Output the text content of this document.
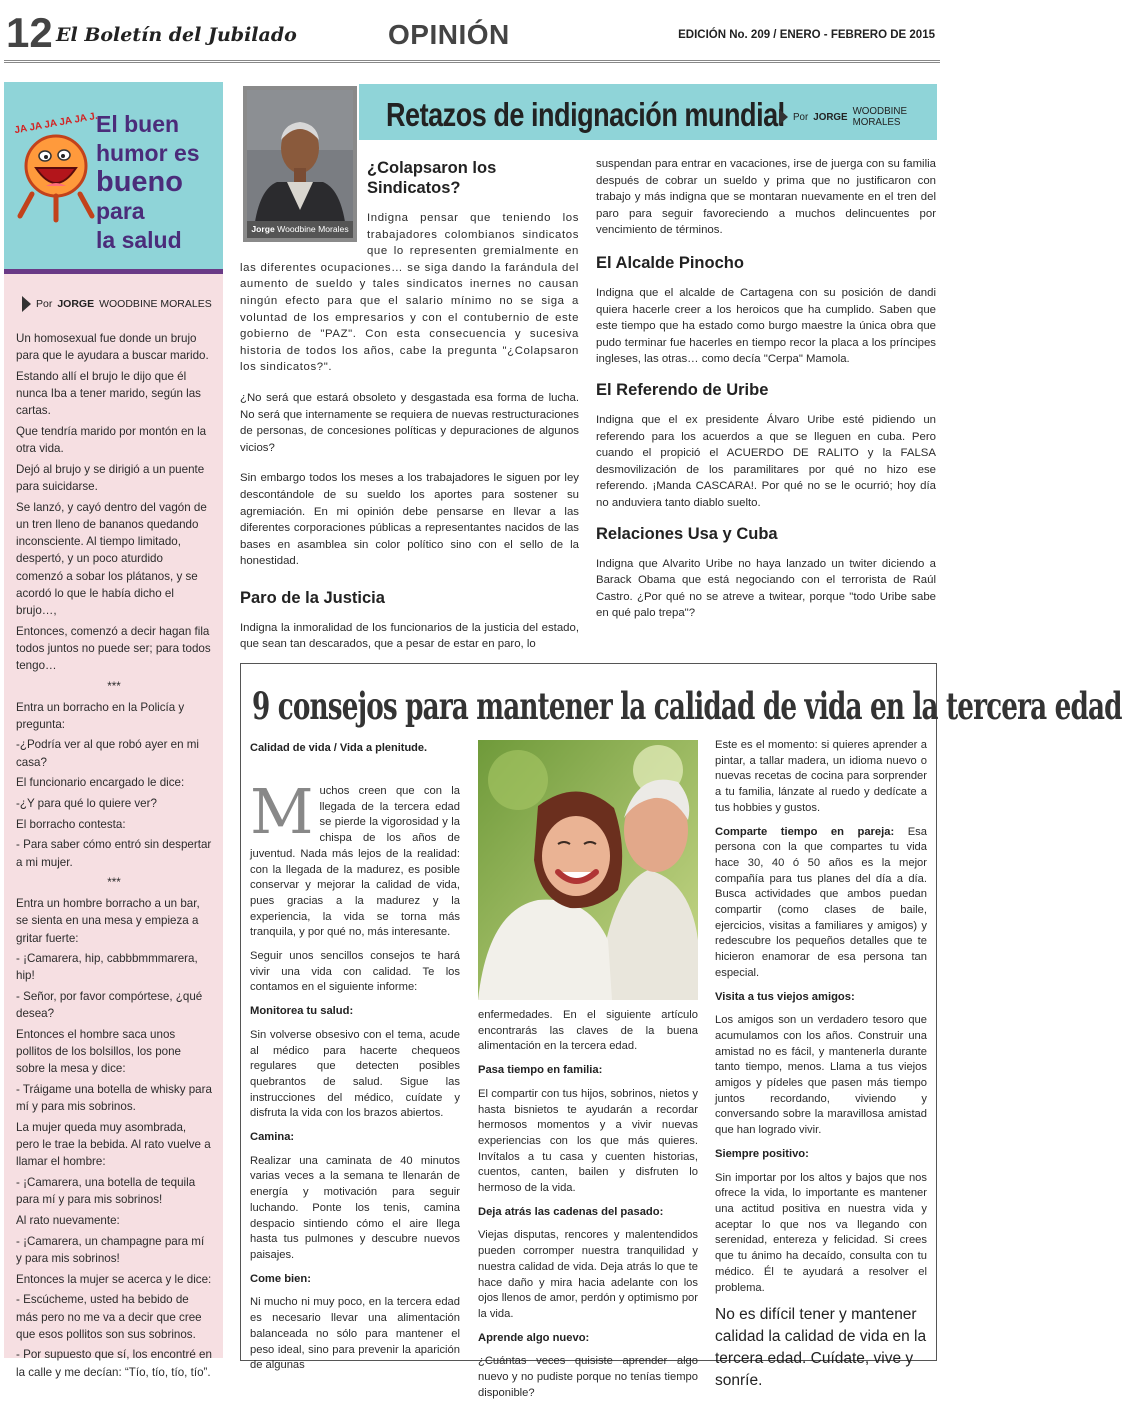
12 El Boletín del Jubilado	OPINIÓN	EDICIÓN No. 209 / ENERO - FEBRERO DE 2015
JA JA JA JA JA J.
El buen
humor es
bueno
para
la salud
Por JORGE WOODBINE MORALES

Un homosexual fue donde un brujo para que le ayudara a buscar marido.

Estando allí el brujo le dijo que él nunca Iba a tener marido, según las cartas.

Que tendría marido por montón en la otra vida.

Dejó al brujo y se dirigió a un puente para suicidarse.

Se lanzó, y cayó dentro del vagón de un tren lleno de bananos quedando inconsciente. Al tiempo limitado, despertó, y un poco aturdido comenzó a sobar los plátanos, y se acordó lo que le había dicho el brujo…,

Entonces, comenzó a decir hagan fila todos juntos no puede ser; para todos tengo…

***

Entra un borracho en la Policía y pregunta:

-¿Podría ver al que robó ayer en mi casa?

El funcionario encargado le dice:

-¿Y para qué lo quiere ver?

El borracho contesta:

- Para saber cómo entró sin despertar a mi mujer.

***

Entra un hombre borracho a un bar, se sienta en una mesa y empieza a gritar fuerte:

- ¡Camarera, hip, cabbbmmmarera, hip!

- Señor, por favor compórtese, ¿qué desea?

Entonces el hombre saca unos pollitos de los bolsillos, los pone sobre la mesa y dice:

- Tráigame una botella de whisky para mí y para mis sobrinos.

La mujer queda muy asombrada, pero le trae la bebida. Al rato vuelve a llamar el hombre:

- ¡Camarera, una botella de tequila para mí y para mis sobrinos!

Al rato nuevamente:

- ¡Camarera, un champagne para mí y para mis sobrinos!

Entonces la mujer se acerca y le dice:

- Escúcheme, usted ha bebido de más pero no me va a decir que cree que esos pollitos son sus sobrinos.

- Por supuesto que sí, los encontré en la calle y me decían: “Tío, tío, tío, tío”.

Jorge Woodbine Morales
Retazos de indignación mundial Por JORGE WOODBINE MORALES
¿Colapsaron los Sindicatos?

Indigna pensar que teniendo los trabajadores colombianos sindicatos que lo representen gremialmente en las diferentes ocupaciones… se siga dando la farándula del aumento de sueldo y tales sindicatos inernes no causan ningún efecto para que el salario mínimo no se siga a voluntad de los empresarios y con el contubernio de este gobierno de "PAZ". Con esta consecuencia y sucesiva historia de todos los años, cabe la pregunta "¿Colapsaron los sindicatos?".

¿No será que estará obsoleto y desgastada esa forma de lucha. No será que internamente se requiera de nuevas restructuraciones de personas, de concesiones políticas y depuraciones de algunos vicios?

Sin embargo todos los meses a los trabajadores le siguen por ley descontándole de su sueldo los aportes para sostener su agremiación. En mi opinión debe pensarse en llevar a las diferentes corporaciones públicas a representantes nacidos de las bases en asamblea sin color político sino con el sello de la honestidad.

Paro de la Justicia

Indigna la inmoralidad de los funcionarios de la justicia del estado, que sean tan descarados, que a pesar de estar en paro, lo

suspendan para entrar en vacaciones, irse de juerga con su familia después de cobrar un sueldo y prima que no justificaron con trabajo y más indigna que se montaran nuevamente en el tren del paro para seguir favoreciendo a muchos delincuentes por vencimiento de términos.

El Alcalde Pinocho

Indigna que el alcalde de Cartagena con su posición de dandi quiera hacerle creer a los heroicos que ha cumplido. Saben que este tiempo que ha estado como burgo maestre la única obra que pudo terminar fue hacerles en tiempo recor la placa a los príncipes ingleses, las otras… como decía "Cerpa" Mamola.

El Referendo de Uribe

Indigna que el ex presidente Álvaro Uribe esté pidiendo un referendo para los acuerdos a que se lleguen en cuba. Pero cuando el propició el ACUERDO DE RALITO y la FALSA desmovilización de los paramilitares por qué no hizo ese referendo. ¡Manda CASCARA!. Por qué no se le ocurrió; hoy día no anduviera tanto diablo suelto.

Relaciones Usa y Cuba

Indigna que Alvarito Uribe no haya lanzado un twiter diciendo a Barack Obama que está negociando con el terrorista de Raúl Castro. ¿Por qué no se atreve a twitear, porque "todo Uribe sabe en qué palo trepa"?

9 consejos para mantener la calidad de vida en la tercera edad
Calidad de vida / Vida a plenitude.
M uchos creen que con la llegada de la tercera edad se pierde la vigorosidad y la chispa de los años de juventud. Nada más lejos de la realidad: con la llegada de la madurez, es posible conservar y mejorar la calidad de vida, pues gracias a la madurez y la experiencia, la vida se torna más tranquila, y por qué no, más interesante.

Seguir unos sencillos consejos te hará vivir una vida con calidad. Te los contamos en el siguiente informe:

Monitorea tu salud:

Sin volverse obsesivo con el tema, acude al médico para hacerte chequeos regulares que detecten posibles quebrantos de salud. Sigue las instrucciones del médico, cuídate y disfruta la vida con los brazos abiertos.

Camina:

Realizar una caminata de 40 minutos varias veces a la semana te llenarán de energía y motivación para seguir luchando. Ponte los tenis, camina despacio sintiendo cómo el aire llega hasta tus pulmones y descubre nuevos paisajes.

Come bien:

Ni mucho ni muy poco, en la tercera edad es necesario llevar una alimentación balanceada no sólo para mantener el peso ideal, sino para prevenir la aparición de algunas

enfermedades. En el siguiente artículo encontrarás las claves de la buena alimentación en la tercera edad.

Pasa tiempo en familia:

El compartir con tus hijos, sobrinos, nietos y hasta bisnietos te ayudarán a recordar hermosos momentos y a vivir nuevas experiencias con los que más quieres. Invítalos a tu casa y cuenten historias, cuentos, canten, bailen y disfruten lo hermoso de la vida.

Deja atrás las cadenas del pasado:

Viejas disputas, rencores y malentendidos pueden corromper nuestra tranquilidad y nuestra calidad de vida. Deja atrás lo que te hace daño y mira hacia adelante con los ojos llenos de amor, perdón y optimismo por la vida.

Aprende algo nuevo:

¿Cuántas veces quisiste aprender algo nuevo y no pudiste porque no tenías tiempo disponible?

Este es el momento: si quieres aprender a pintar, a tallar madera, un idioma nuevo o nuevas recetas de cocina para sorprender a tu familia, lánzate al ruedo y dedícate a tus hobbies y gustos.

Comparte tiempo en pareja: Esa persona con la que compartes tu vida hace 30, 40 ó 50 años es la mejor compañía para tus planes del día a día. Busca actividades que ambos puedan compartir (como clases de baile, ejercicios, visitas a familiares y amigos) y redescubre los pequeños detalles que te hicieron enamorar de esa persona tan especial.

Visita a tus viejos amigos:

Los amigos son un verdadero tesoro que acumulamos con los años. Construir una amistad no es fácil, y mantenerla durante tanto tiempo, menos. Llama a tus viejos amigos y pídeles que pasen más tiempo juntos recordando, viviendo y conversando sobre la maravillosa amistad que han logrado vivir.

Siempre positivo:

Sin importar por los altos y bajos que nos ofrece la vida, lo importante es mantener una actitud positiva en nuestra vida y aceptar lo que nos va llegando con serenidad, entereza y felicidad. Si crees que tu ánimo ha decaído, consulta con tu médico. Él te ayudará a resolver el problema.

No es difícil tener y mantener calidad la calidad de vida en la tercera edad. Cuídate, vive y sonríe.
